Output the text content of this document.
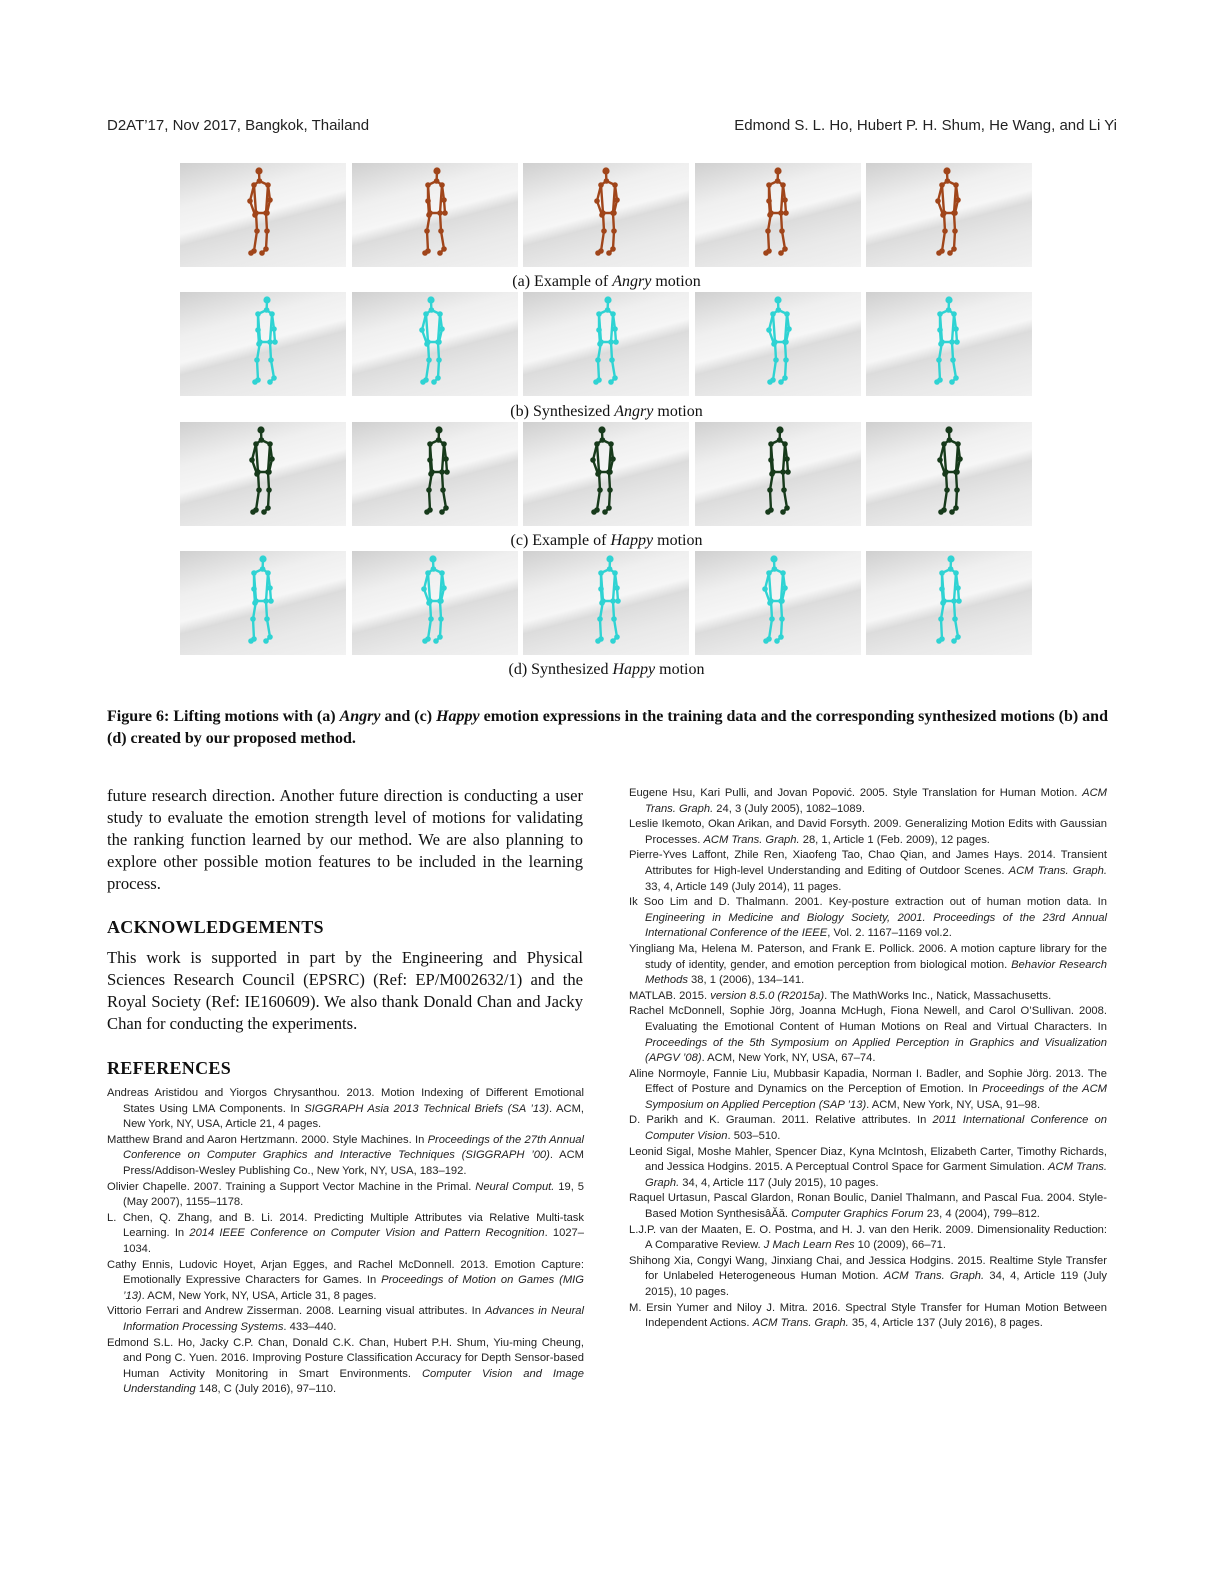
D2AT’17, Nov 2017, Bangkok, Thailand	Edmond S. L. Ho, Hubert P. H. Shum, He Wang, and Li Yi
(a) Example of Angry motion
(b) Synthesized Angry motion
(c) Example of Happy motion
(d) Synthesized Happy motion
Figure 6: Lifting motions with (a) Angry and (c) Happy emotion expressions in the training data and the corresponding synthesized motions (b) and (d) created by our proposed method.
future research direction. Another future direction is conducting a user study to evaluate the emotion strength level of motions for validating the ranking function learned by our method. We are also planning to explore other possible motion features to be included in the learning process.
ACKNOWLEDGEMENTS
This work is supported in part by the Engineering and Physical Sciences Research Council (EPSRC) (Ref: EP/M002632/1) and the Royal Society (Ref: IE160609). We also thank Donald Chan and Jacky Chan for conducting the experiments.
REFERENCES
Andreas Aristidou and Yiorgos Chrysanthou. 2013. Motion Indexing of Different Emotional States Using LMA Components. In SIGGRAPH Asia 2013 Technical Briefs (SA ’13). ACM, New York, NY, USA, Article 21, 4 pages.
Matthew Brand and Aaron Hertzmann. 2000. Style Machines. In Proceedings of the 27th Annual Conference on Computer Graphics and Interactive Techniques (SIGGRAPH ’00). ACM Press/Addison-Wesley Publishing Co., New York, NY, USA, 183–192.
Olivier Chapelle. 2007. Training a Support Vector Machine in the Primal. Neural Comput. 19, 5 (May 2007), 1155–1178.
L. Chen, Q. Zhang, and B. Li. 2014. Predicting Multiple Attributes via Relative Multi-task Learning. In 2014 IEEE Conference on Computer Vision and Pattern Recognition. 1027–1034.
Cathy Ennis, Ludovic Hoyet, Arjan Egges, and Rachel McDonnell. 2013. Emotion Capture: Emotionally Expressive Characters for Games. In Proceedings of Motion on Games (MIG ’13). ACM, New York, NY, USA, Article 31, 8 pages.
Vittorio Ferrari and Andrew Zisserman. 2008. Learning visual attributes. In Advances in Neural Information Processing Systems. 433–440.
Edmond S.L. Ho, Jacky C.P. Chan, Donald C.K. Chan, Hubert P.H. Shum, Yiu-ming Cheung, and Pong C. Yuen. 2016. Improving Posture Classification Accuracy for Depth Sensor-based Human Activity Monitoring in Smart Environments. Computer Vision and Image Understanding 148, C (July 2016), 97–110.
Eugene Hsu, Kari Pulli, and Jovan Popović. 2005. Style Translation for Human Motion. ACM Trans. Graph. 24, 3 (July 2005), 1082–1089.
Leslie Ikemoto, Okan Arikan, and David Forsyth. 2009. Generalizing Motion Edits with Gaussian Processes. ACM Trans. Graph. 28, 1, Article 1 (Feb. 2009), 12 pages.
Pierre-Yves Laffont, Zhile Ren, Xiaofeng Tao, Chao Qian, and James Hays. 2014. Transient Attributes for High-level Understanding and Editing of Outdoor Scenes. ACM Trans. Graph. 33, 4, Article 149 (July 2014), 11 pages.
Ik Soo Lim and D. Thalmann. 2001. Key-posture extraction out of human motion data. In Engineering in Medicine and Biology Society, 2001. Proceedings of the 23rd Annual International Conference of the IEEE, Vol. 2. 1167–1169 vol.2.
Yingliang Ma, Helena M. Paterson, and Frank E. Pollick. 2006. A motion capture library for the study of identity, gender, and emotion perception from biological motion. Behavior Research Methods 38, 1 (2006), 134–141.
MATLAB. 2015. version 8.5.0 (R2015a). The MathWorks Inc., Natick, Massachusetts.
Rachel McDonnell, Sophie Jörg, Joanna McHugh, Fiona Newell, and Carol O’Sullivan. 2008. Evaluating the Emotional Content of Human Motions on Real and Virtual Characters. In Proceedings of the 5th Symposium on Applied Perception in Graphics and Visualization (APGV ’08). ACM, New York, NY, USA, 67–74.
Aline Normoyle, Fannie Liu, Mubbasir Kapadia, Norman I. Badler, and Sophie Jörg. 2013. The Effect of Posture and Dynamics on the Perception of Emotion. In Proceedings of the ACM Symposium on Applied Perception (SAP ’13). ACM, New York, NY, USA, 91–98.
D. Parikh and K. Grauman. 2011. Relative attributes. In 2011 International Conference on Computer Vision. 503–510.
Leonid Sigal, Moshe Mahler, Spencer Diaz, Kyna McIntosh, Elizabeth Carter, Timothy Richards, and Jessica Hodgins. 2015. A Perceptual Control Space for Garment Simulation. ACM Trans. Graph. 34, 4, Article 117 (July 2015), 10 pages.
Raquel Urtasun, Pascal Glardon, Ronan Boulic, Daniel Thalmann, and Pascal Fua. 2004. Style-Based Motion SynthesisâĂă. Computer Graphics Forum 23, 4 (2004), 799–812.
L.J.P. van der Maaten, E. O. Postma, and H. J. van den Herik. 2009. Dimensionality Reduction: A Comparative Review. J Mach Learn Res 10 (2009), 66–71.
Shihong Xia, Congyi Wang, Jinxiang Chai, and Jessica Hodgins. 2015. Realtime Style Transfer for Unlabeled Heterogeneous Human Motion. ACM Trans. Graph. 34, 4, Article 119 (July 2015), 10 pages.
M. Ersin Yumer and Niloy J. Mitra. 2016. Spectral Style Transfer for Human Motion Between Independent Actions. ACM Trans. Graph. 35, 4, Article 137 (July 2016), 8 pages.
